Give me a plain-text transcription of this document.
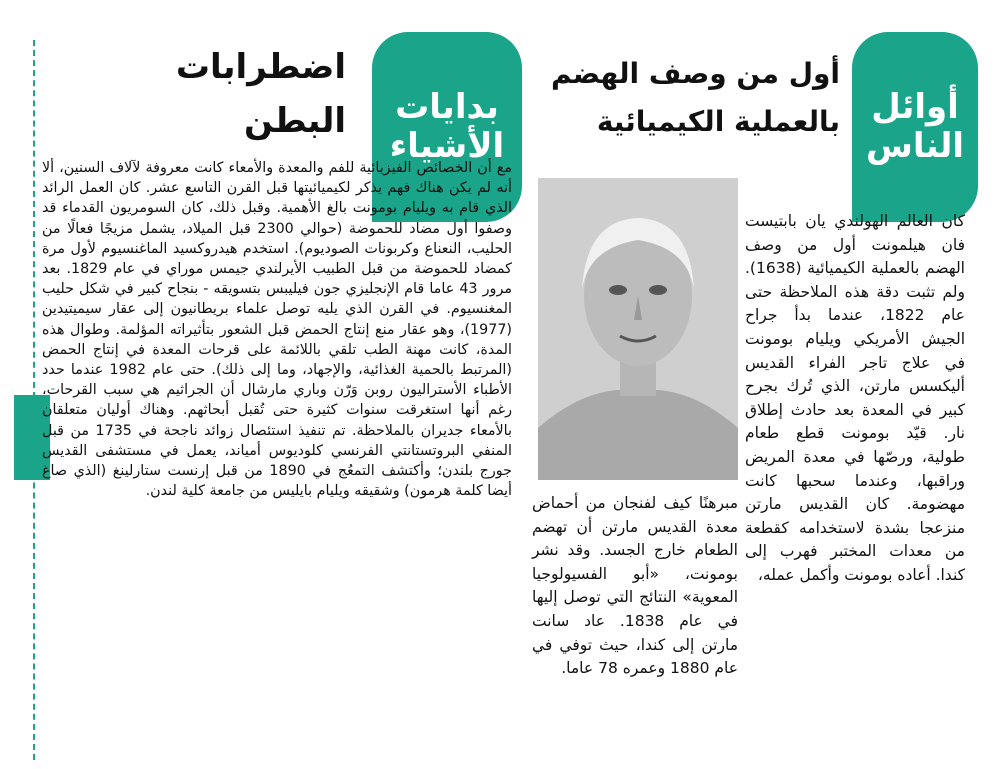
أوائل
الناس
بدايات
الأشياء
أول من وصف الهضم
بالعملية الكيميائية
اضطرابات
البطن

كان العالم الهولندي يان بابتيست فان هيلمونت أول من وصف الهضم بالعملية الكيميائية (1638). ولم تثبت دقة هذه الملاحظة حتى عام 1822، عندما بدأ جراح الجيش الأمريكي ويليام بومونت في علاج تاجر الفراء القديس أليكسس مارتن، الذي تُرك بجرح كبير في المعدة بعد حادث إطلاق نار. قيّد بومونت قطع طعام طولية، ورصّها في معدة المريض وراقبها، وعندما سحبها كانت مهضومة. كان القديس مارتن منزعجا بشدة لاستخدامه كقطعة من معدات المختبر فهرب إلى كندا. أعاده بومونت وأكمل عمله،

مبرهنًا كيف لفنجان من أحماض معدة القديس مارتن أن تهضم الطعام خارج الجسد. وقد نشر بومونت، «أبو الفسيولوجيا المعوية» النتائج التي توصل إليها في عام 1838. عاد سانت مارتن إلى كندا، حيث توفي في عام 1880 وعمره 78 عاما.

مع أن الخصائص الفيزيائية للفم والمعدة والأمعاء كانت معروفة لآلاف السنين، ألا أنه لم يكن هناك فهم يذكر لكيميائيتها قبل القرن التاسع عشر. كان العمل الرائد الذي قام به ويليام بومونت بالغ الأهمية. وقبل ذلك، كان السومريون القدماء قد وصفوا أول مضاد للحموضة (حوالي 2300 قبل الميلاد، يشمل مزيجًا فعالًا من الحليب، النعناع وكربونات الصوديوم). استخدم هيدروكسيد الماغنسيوم لأول مرة كمضاد للحموضة من قبل الطبيب الأيرلندي جيمس موراي في عام 1829. بعد مرور 43 عاما قام الإنجليزي جون فيليبس بتسويقه - بنجاح كبير في شكل حليب المغنسيوم. في القرن الذي يليه توصل علماء بريطانيون إلى عقار سيميتيدين (1977)، وهو عقار منع إنتاج الحمض قبل الشعور بتأثيراته المؤلمة. وطوال هذه المدة، كانت مهنة الطب تلقي باللائمة على قرحات المعدة في إنتاج الحمض (المرتبط بالحمية الغذائية، والإجهاد، وما إلى ذلك). حتى عام 1982 عندما حدد الأطباء الأستراليون روبن وَرّن وباري مارشال أن الجراثيم هي سبب القرحات، رغم أنها استغرقت سنوات كثيرة حتى تُقبل أبحاثهم. وهناك أوليان متعلقان بالأمعاء جديران بالملاحظة. تم تنفيذ استئصال زوائد ناجحة في 1735 من قبل المنفي البروتستانتي الفرنسي كلوديوس أمياند، يعمل في مستشفى القديس جورج بلندن؛ وأكتشف التمعُج في 1890 من قبل إرنست ستارلينغ (الذي صاغ أيضا كلمة هرمون) وشقيقه ويليام بايليس من جامعة كلية لندن.
